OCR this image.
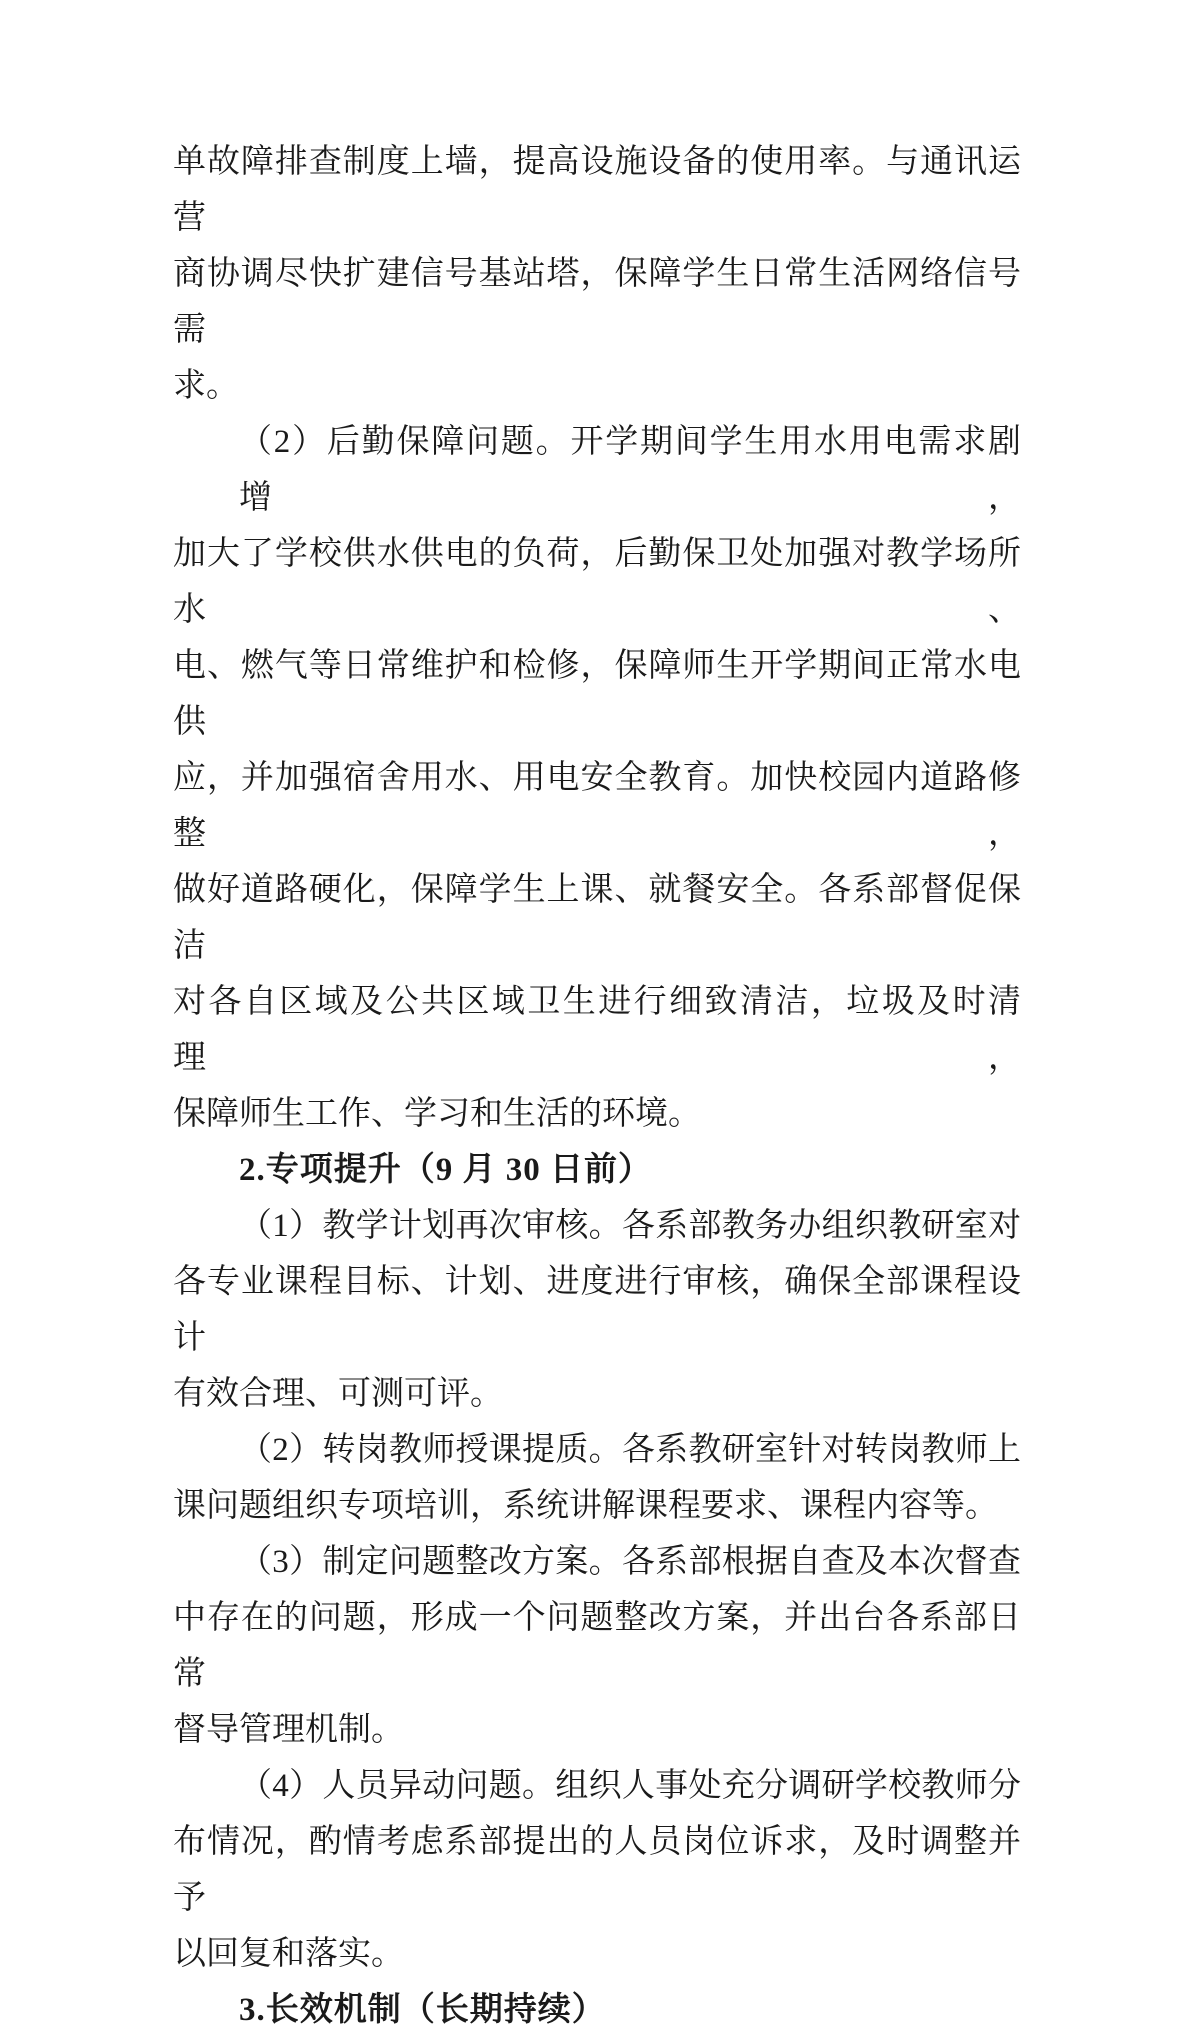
单故障排查制度上墙，提高设施设备的使用率。与通讯运营
商协调尽快扩建信号基站塔，保障学生日常生活网络信号需
求。
（2）后勤保障问题。开学期间学生用水用电需求剧增，
加大了学校供水供电的负荷，后勤保卫处加强对教学场所水、
电、燃气等日常维护和检修，保障师生开学期间正常水电供
应，并加强宿舍用水、用电安全教育。加快校园内道路修整，
做好道路硬化，保障学生上课、就餐安全。各系部督促保洁
对各自区域及公共区域卫生进行细致清洁，垃圾及时清理，
保障师生工作、学习和生活的环境。
2.专项提升（9 月 30 日前）
（1）教学计划再次审核。各系部教务办组织教研室对
各专业课程目标、计划、进度进行审核，确保全部课程设计
有效合理、可测可评。
（2）转岗教师授课提质。各系教研室针对转岗教师上
课问题组织专项培训，系统讲解课程要求、课程内容等。
（3）制定问题整改方案。各系部根据自查及本次督查
中存在的问题，形成一个问题整改方案，并出台各系部日常
督导管理机制。
（4）人员异动问题。组织人事处充分调研学校教师分
布情况，酌情考虑系部提出的人员岗位诉求，及时调整并予
以回复和落实。
3.长效机制（长期持续）
